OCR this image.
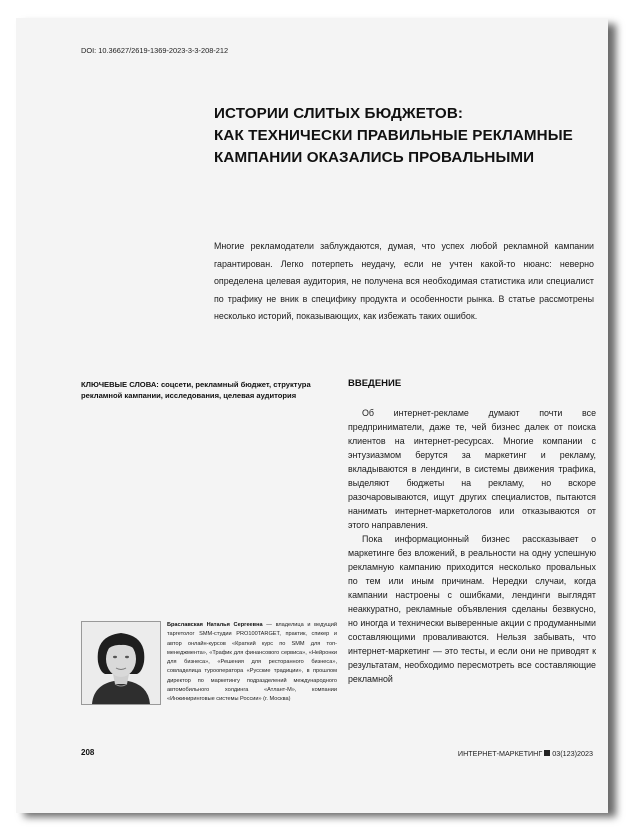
DOI: 10.36627/2619-1369-2023-3-3-208-212
ИСТОРИИ СЛИТЫХ БЮДЖЕТОВ:
КАК ТЕХНИЧЕСКИ ПРАВИЛЬНЫЕ РЕКЛАМНЫЕ
КАМПАНИИ ОКАЗАЛИСЬ ПРОВАЛЬНЫМИ

Многие рекламодатели заблуждаются, думая, что успех любой рекламной кампании гарантирован. Легко потерпеть неудачу, если не учтен какой-то нюанс: неверно определена целевая аудитория, не получена вся необходимая статистика или специалист по трафику не вник в специфику продукта и особенности рынка. В статье рассмотрены несколько историй, показывающих, как избежать таких ошибок.

КЛЮЧЕВЫЕ СЛОВА: соцсети, рекламный бюджет, структура рекламной кампании, исследования, целевая аудитория
ВВЕДЕНИЕ

Об интернет-рекламе думают почти все предприниматели, даже те, чей бизнес далек от поиска клиентов на интернет-ресурсах. Многие компании с энтузиазмом берутся за маркетинг и рекламу, вкладываются в лендинги, в системы движения трафика, выделяют бюджеты на рекламу, но вскоре разочаровываются, ищут других специалистов, пытаются нанимать интернет-маркетологов или отказываются от этого направления.

Пока информационный бизнес рассказывает о маркетинге без вложений, в реальности на одну успешную рекламную кампанию приходится несколько провальных по тем или иным причинам. Нередки случаи, когда кампании настроены с ошибками, лендинги выглядят неаккуратно, рекламные объявления сделаны безвкусно, но иногда и технически выверенные акции с продуманными составляющими проваливаются. Нельзя забывать, что интернет-маркетинг — это тесты, и если они не приводят к результатам, необходимо пересмотреть все составляющие рекламной

Браславская Наталья Сергеевна — владелица и ведущий таргетолог SMM-студии PRO100TARGET, практик, спикер и автор онлайн-курсов «Краткий курс по SMM для топ-менеджмента», «Трафик для финансового сервиса», «Нейронки для бизнеса», «Решения для ресторанного бизнеса», совладелица турооператора «Русские традиции», в прошлом директор по маркетингу подразделений международного автомобильного холдинга «Атлант-М», компании «Инжиниринговые системы России» (г. Москва)
208	ИНТЕРНЕТ-МАРКЕТИНГ 03(123)2023
